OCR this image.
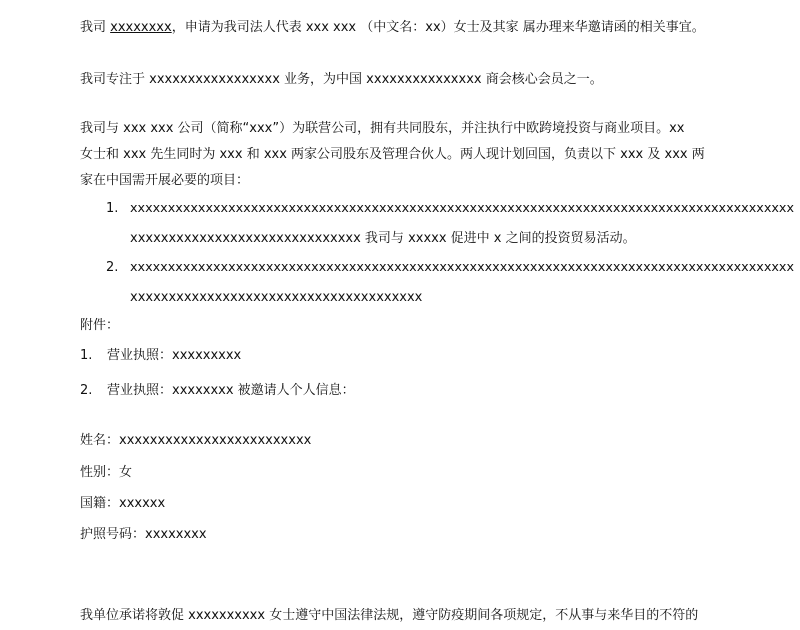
我司 xxxxxxxx，申请为我司法人代表 xxx xxx （中文名：xx）女士及其家 属办理来华邀请函的相关事宜。
我司专注于 xxxxxxxxxxxxxxxxx 业务，为中国 xxxxxxxxxxxxxxx 商会核心会员之一。
我司与 xxx xxx 公司（简称“xxx”）为联营公司，拥有共同股东，并注执行中欧跨境投资与商业项目。xx
女士和 xxx 先生同时为 xxx 和 xxx 两家公司股东及管理合伙人。两人现计划回国，负责以下 xxx 及 xxx 两
家在中国需开展必要的项目：
1. xxxxxxxxxxxxxxxxxxxxxxxxxxxxxxxxxxxxxxxxxxxxxxxxxxxxxxxxxxxxxxxxxxxxxxxxxxxxxxxxxxxxxxxx
xxxxxxxxxxxxxxxxxxxxxxxxxxxxxx 我司与 xxxxx 促进中 x 之间的投资贸易活动。
2. xxxxxxxxxxxxxxxxxxxxxxxxxxxxxxxxxxxxxxxxxxxxxxxxxxxxxxxxxxxxxxxxxxxxxxxxxxxxxxxxxxxxxxxx
xxxxxxxxxxxxxxxxxxxxxxxxxxxxxxxxxxxxxx
附件：
1. 营业执照：xxxxxxxxx
2. 营业执照：xxxxxxxx 被邀请人个人信息：
姓名：xxxxxxxxxxxxxxxxxxxxxxxxx
性别：女
国籍：xxxxxx
护照号码：xxxxxxxx
我单位承诺将敦促 xxxxxxxxxx 女士遵守中国法律法规，遵守防疫期间各项规定，不从事与来华目的不符的
